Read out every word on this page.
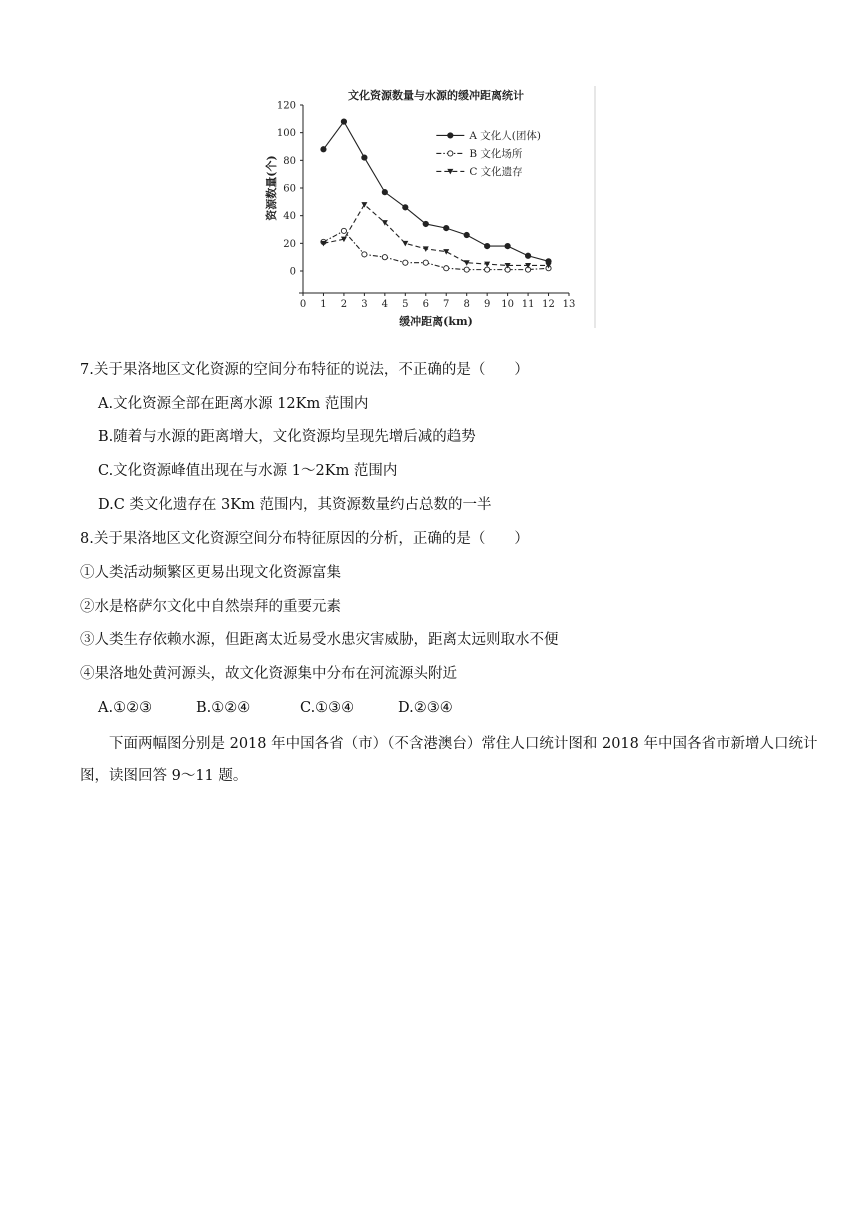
文化资源数量与水源的缓冲距离统计
0
20
40
60
80
100
120
0 1 2 3 4 5 6 7 8 9 10 11 12 13
缓冲距离(km)
资源数量(个)
A 文化人(团体)
B 文化场所
C 文化遗存
7.关于果洛地区文化资源的空间分布特征的说法，不正确的是（　　）
A.文化资源全部在距离水源 12Km 范围内
B.随着与水源的距离增大，文化资源均呈现先增后减的趋势
C.文化资源峰值出现在与水源 1～2Km 范围内
D.C 类文化遗存在 3Km 范围内，其资源数量约占总数的一半
8.关于果洛地区文化资源空间分布特征原因的分析，正确的是（　　）
①人类活动频繁区更易出现文化资源富集
②水是格萨尔文化中自然崇拜的重要元素
③人类生存依赖水源，但距离太近易受水患灾害威胁，距离太远则取水不便
④果洛地处黄河源头，故文化资源集中分布在河流源头附近
A.①②③	B.①②④	C.①③④	D.②③④
下面两幅图分别是 2018 年中国各省（市）（不含港澳台）常住人口统计图和 2018 年中国各省市新增人口统计图，读图回答 9～11 题。
